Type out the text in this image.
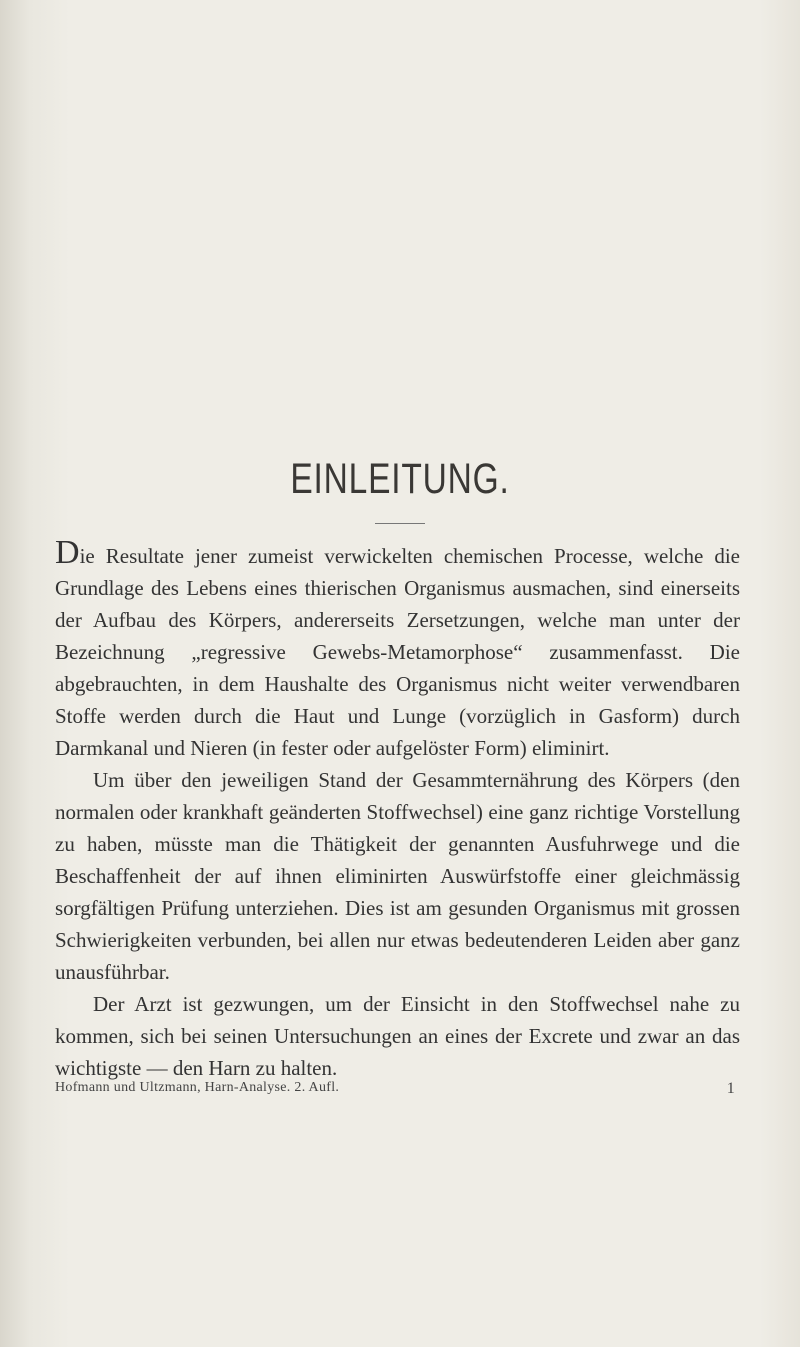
EINLEITUNG.

Die Resultate jener zumeist verwickelten chemischen Processe, welche die Grundlage des Lebens eines thierischen Organismus ausmachen, sind einerseits der Aufbau des Körpers, andererseits Zersetzungen, welche man unter der Bezeichnung „regressive Gewebs-Metamorphose“ zusammenfasst. Die abgebrauchten, in dem Haushalte des Organismus nicht weiter verwendbaren Stoffe werden durch die Haut und Lunge (vorzüglich in Gasform) durch Darmkanal und Nieren (in fester oder aufgelöster Form) eliminirt.

Um über den jeweiligen Stand der Gesammternährung des Körpers (den normalen oder krankhaft geänderten Stoffwechsel) eine ganz richtige Vorstellung zu haben, müsste man die Thätigkeit der genannten Ausfuhrwege und die Beschaffenheit der auf ihnen eliminirten Auswürfstoffe einer gleichmässig sorgfältigen Prüfung unterziehen. Dies ist am gesunden Organismus mit grossen Schwierigkeiten verbunden, bei allen nur etwas bedeutenderen Leiden aber ganz unausführbar.

Der Arzt ist gezwungen, um der Einsicht in den Stoffwechsel nahe zu kommen, sich bei seinen Untersuchungen an eines der Excrete und zwar an das wichtigste — den Harn zu halten.

Hofmann und Ultzmann, Harn-Analyse. 2. Aufl.	1
